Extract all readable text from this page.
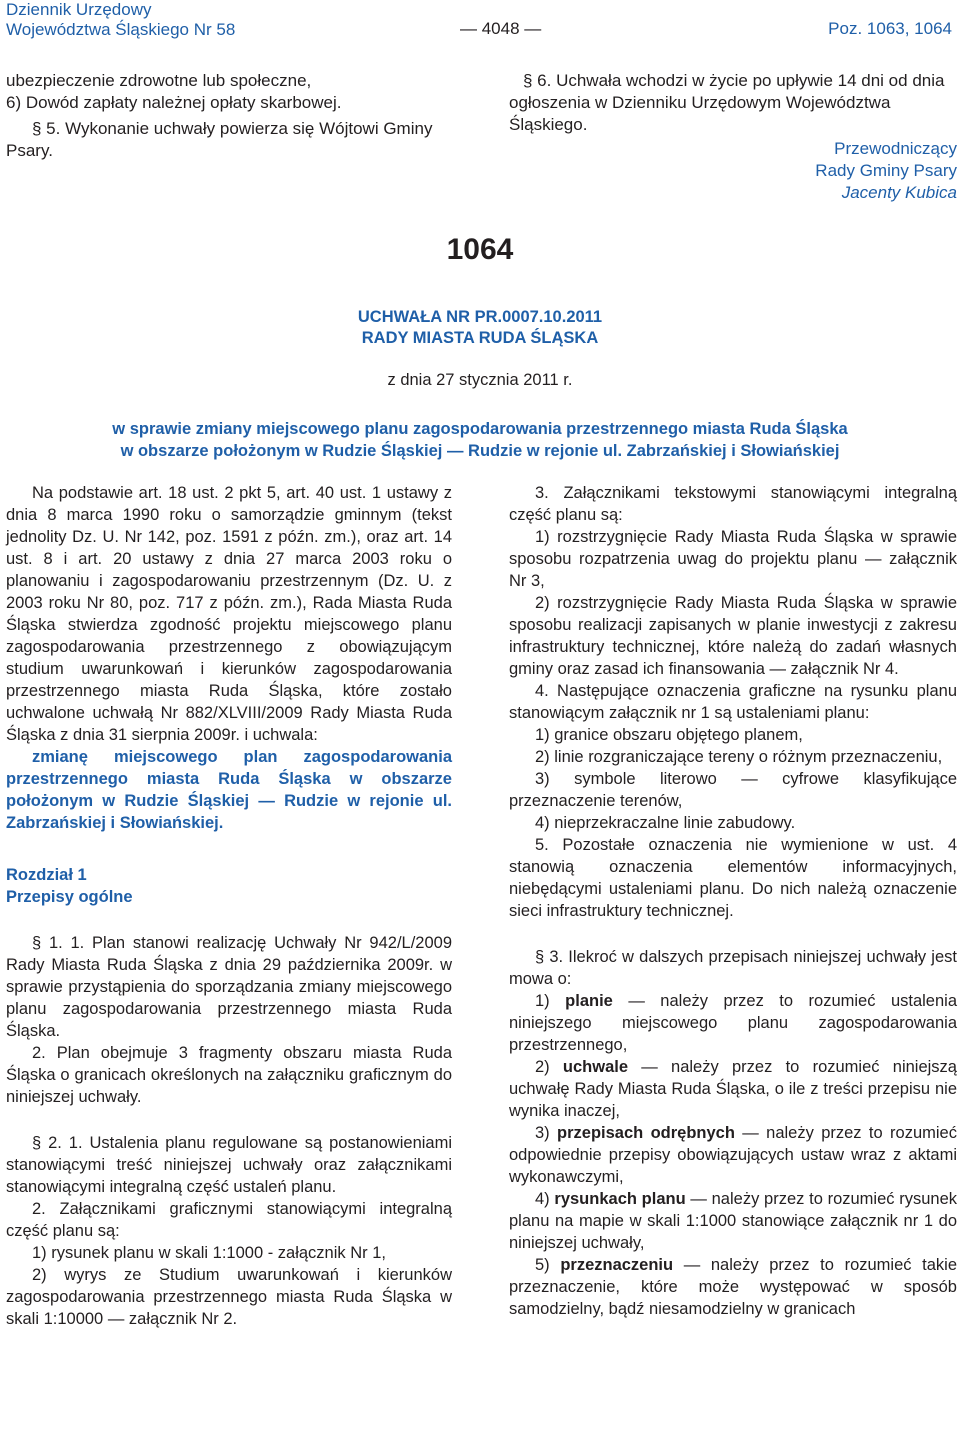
Dziennik Urzędowy
Województwa Śląskiego Nr 58	— 4048 —	Poz. 1063, 1064

ubezpieczenie zdrowotne lub społeczne,

6) Dowód zapłaty należnej opłaty skarbowej.

§ 5. Wykonanie uchwały powierza się Wójtowi Gminy Psary.

§ 6. Uchwała wchodzi w życie po upływie 14 dni od dnia ogłoszenia w Dzienniku Urzędowym Województwa Śląskiego.

Przewodniczący
Rady Gminy Psary
Jacenty Kubica
1064
UCHWAŁA NR PR.0007.10.2011
RADY MIASTA RUDA ŚLĄSKA
z dnia 27 stycznia 2011 r.
w sprawie zmiany miejscowego planu zagospodarowania przestrzennego miasta Ruda Śląska
w obszarze położonym w Rudzie Śląskiej — Rudzie w rejonie ul. Zabrzańskiej i Słowiańskiej

Na podstawie art. 18 ust. 2 pkt 5, art. 40 ust. 1 ustawy z dnia 8 marca 1990 roku o samorządzie gminnym (tekst jednolity Dz. U. Nr 142, poz. 1591 z późn. zm.), oraz art. 14 ust. 8 i art. 20 ustawy z dnia 27 marca 2003 roku o planowaniu i zagospodarowaniu przestrzennym (Dz. U. z 2003 roku Nr 80, poz. 717 z późn. zm.), Rada Miasta Ruda Śląska stwierdza zgodność projektu miejscowego planu zagospodarowania przestrzennego z obowiązującym studium uwarunkowań i kierunków zagospodarowania przestrzennego miasta Ruda Śląska, które zostało uchwalone uchwałą Nr 882/XLVIII/2009 Rady Miasta Ruda Śląska z dnia 31 sierpnia 2009r. i uchwala:

zmianę miejscowego plan zagospodarowania przestrzennego miasta Ruda Śląska w obszarze położonym w Rudzie Śląskiej — Rudzie w rejonie ul. Zabrzańskiej i Słowiańskiej.

Rozdział 1

Przepisy ogólne

§ 1. 1. Plan stanowi realizację Uchwały Nr 942/L/2009 Rady Miasta Ruda Śląska z dnia 29 października 2009r. w sprawie przystąpienia do sporządzania zmiany miejscowego planu zagospodarowania przestrzennego miasta Ruda Śląska.

2. Plan obejmuje 3 fragmenty obszaru miasta Ruda Śląska o granicach określonych na załączniku graficznym do niniejszej uchwały.

§ 2. 1. Ustalenia planu regulowane są postanowieniami stanowiącymi treść niniejszej uchwały oraz załącznikami stanowiącymi integralną część ustaleń planu.

2. Załącznikami graficznymi stanowiącymi integralną część planu są:

1) rysunek planu w skali 1:1000 - załącznik Nr 1,

2) wyrys ze Studium uwarunkowań i kierunków zagospodarowania przestrzennego miasta Ruda Śląska w skali 1:10000 — załącznik Nr 2.

3. Załącznikami tekstowymi stanowiącymi integralną część planu są:

1) rozstrzygnięcie Rady Miasta Ruda Śląska w sprawie sposobu rozpatrzenia uwag do projektu planu — załącznik Nr 3,

2) rozstrzygnięcie Rady Miasta Ruda Śląska w sprawie sposobu realizacji zapisanych w planie inwestycji z zakresu infrastruktury technicznej, które należą do zadań własnych gminy oraz zasad ich finansowania — załącznik Nr 4.

4. Następujące oznaczenia graficzne na rysunku planu stanowiącym załącznik nr 1 są ustaleniami planu:

1) granice obszaru objętego planem,

2) linie rozgraniczające tereny o różnym przeznaczeniu,

3) symbole literowo — cyfrowe klasyfikujące przeznaczenie terenów,

4) nieprzekraczalne linie zabudowy.

5. Pozostałe oznaczenia nie wymienione w ust. 4 stanowią oznaczenia elementów informacyjnych, niebędącymi ustaleniami planu. Do nich należą oznaczenie sieci infrastruktury technicznej.

§ 3. Ilekroć w dalszych przepisach niniejszej uchwały jest mowa o:

1) planie — należy przez to rozumieć ustalenia niniejszego miejscowego planu zagospodarowania przestrzennego,

2) uchwale — należy przez to rozumieć niniejszą uchwałę Rady Miasta Ruda Śląska, o ile z treści przepisu nie wynika inaczej,

3) przepisach odrębnych — należy przez to rozumieć odpowiednie przepisy obowiązujących ustaw wraz z aktami wykonawczymi,

4) rysunkach planu — należy przez to rozumieć rysunek planu na mapie w skali 1:1000 stanowiące załącznik nr 1 do niniejszej uchwały,

5) przeznaczeniu — należy przez to rozumieć takie przeznaczenie, które może występować w sposób samodzielny, bądź niesamodzielny w granicach
